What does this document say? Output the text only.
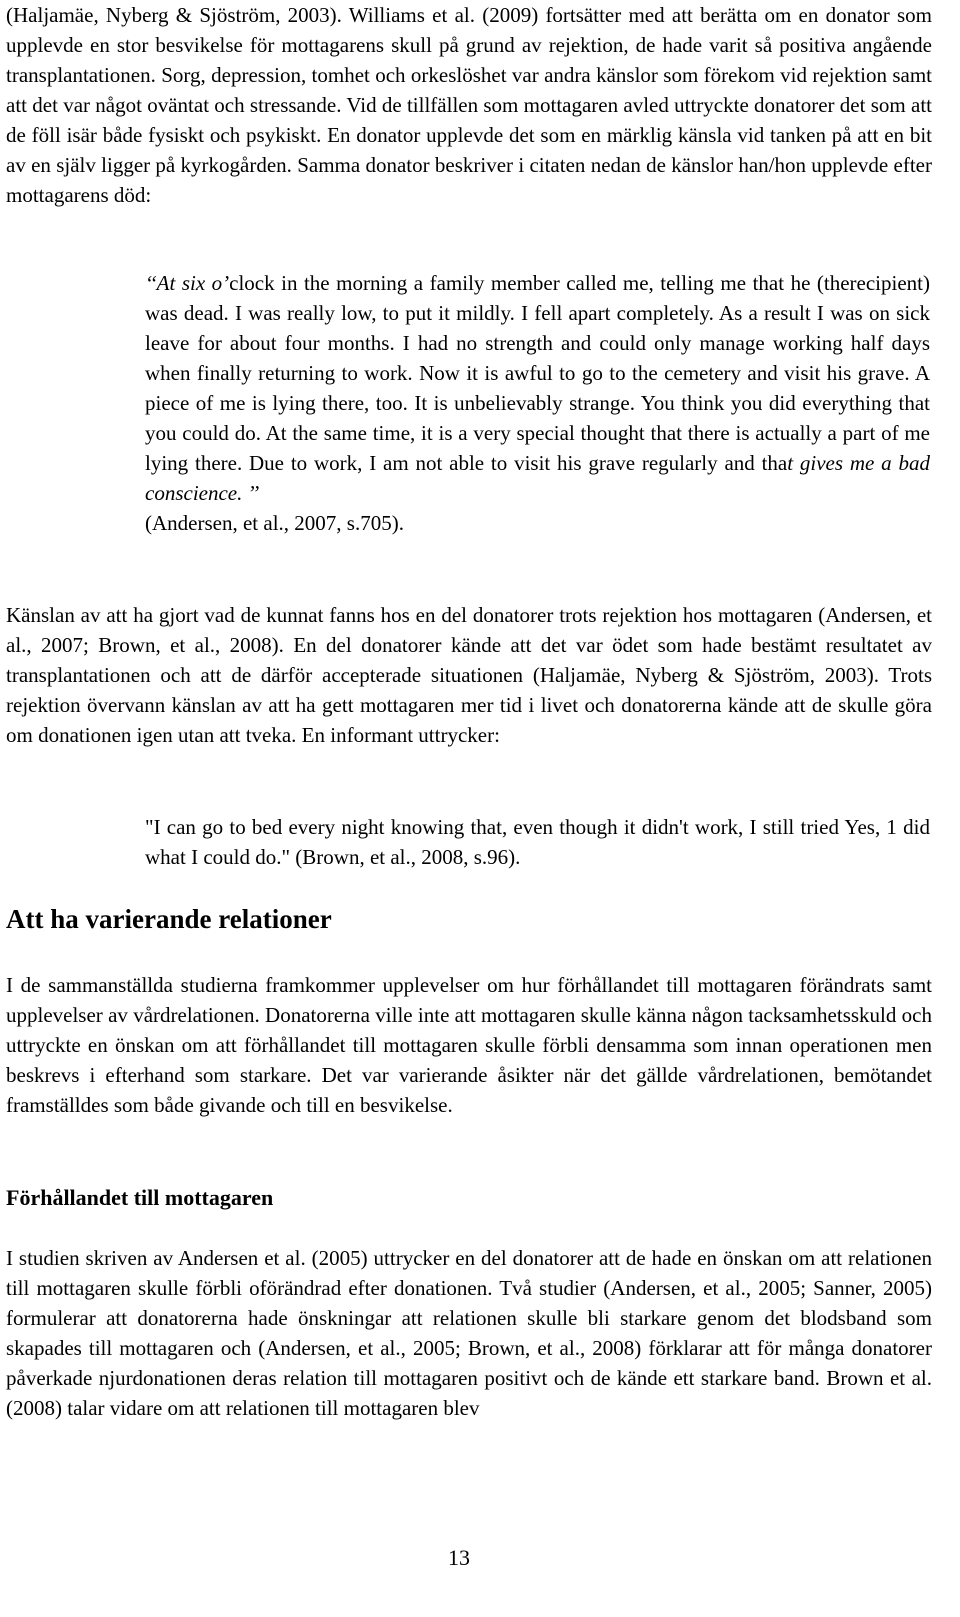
(Haljamäe, Nyberg & Sjöström, 2003). Williams et al. (2009) fortsätter med att berätta om en donator som upplevde en stor besvikelse för mottagarens skull på grund av rejektion, de hade varit så positiva angående transplantationen. Sorg, depression, tomhet och orkeslöshet var andra känslor som förekom vid rejektion samt att det var något oväntat och stressande. Vid de tillfällen som mottagaren avled uttryckte donatorer det som att de föll isär både fysiskt och psykiskt. En donator upplevde det som en märklig känsla vid tanken på att en bit av en själv ligger på kyrkogården. Samma donator beskriver i citaten nedan de känslor han/hon upplevde efter mottagarens död:

‘‘At six o’clock in the morning a family member called me, telling me that he (therecipient) was dead. I was really low, to put it mildly. I fell apart completely. As a result I was on sick leave for about four months. I had no strength and could only manage working half days when finally returning to work. Now it is awful to go to the cemetery and visit his grave. A piece of me is lying there, too. It is unbelievably strange. You think you did everything that you could do. At the same time, it is a very special thought that there is actually a part of me lying there. Due to work, I am not able to visit his grave regularly and that gives me a bad conscience. ’’
(Andersen, et al., 2007, s.705).

Känslan av att ha gjort vad de kunnat fanns hos en del donatorer trots rejektion hos mottagaren (Andersen, et al., 2007; Brown, et al., 2008). En del donatorer kände att det var ödet som hade bestämt resultatet av transplantationen och att de därför accepterade situationen (Haljamäe, Nyberg & Sjöström, 2003). Trots rejektion övervann känslan av att ha gett mottagaren mer tid i livet och donatorerna kände att de skulle göra om donationen igen utan att tveka. En informant uttrycker:

"I can go to bed every night knowing that, even though it didn't work, I still tried Yes, 1 did what I could do." (Brown, et al., 2008, s.96).

Att ha varierande relationer

I de sammanställda studierna framkommer upplevelser om hur förhållandet till mottagaren förändrats samt upplevelser av vårdrelationen. Donatorerna ville inte att mottagaren skulle känna någon tacksamhetsskuld och uttryckte en önskan om att förhållandet till mottagaren skulle förbli densamma som innan operationen men beskrevs i efterhand som starkare. Det var varierande åsikter när det gällde vårdrelationen, bemötandet framställdes som både givande och till en besvikelse.

Förhållandet till mottagaren

I studien skriven av Andersen et al. (2005) uttrycker en del donatorer att de hade en önskan om att relationen till mottagaren skulle förbli oförändrad efter donationen. Två studier (Andersen, et al., 2005; Sanner, 2005) formulerar att donatorerna hade önskningar att relationen skulle bli starkare genom det blodsband som skapades till mottagaren och (Andersen, et al., 2005; Brown, et al., 2008) förklarar att för många donatorer påverkade njurdonationen deras relation till mottagaren positivt och de kände ett starkare band. Brown et al. (2008) talar vidare om att relationen till mottagaren blev

13
